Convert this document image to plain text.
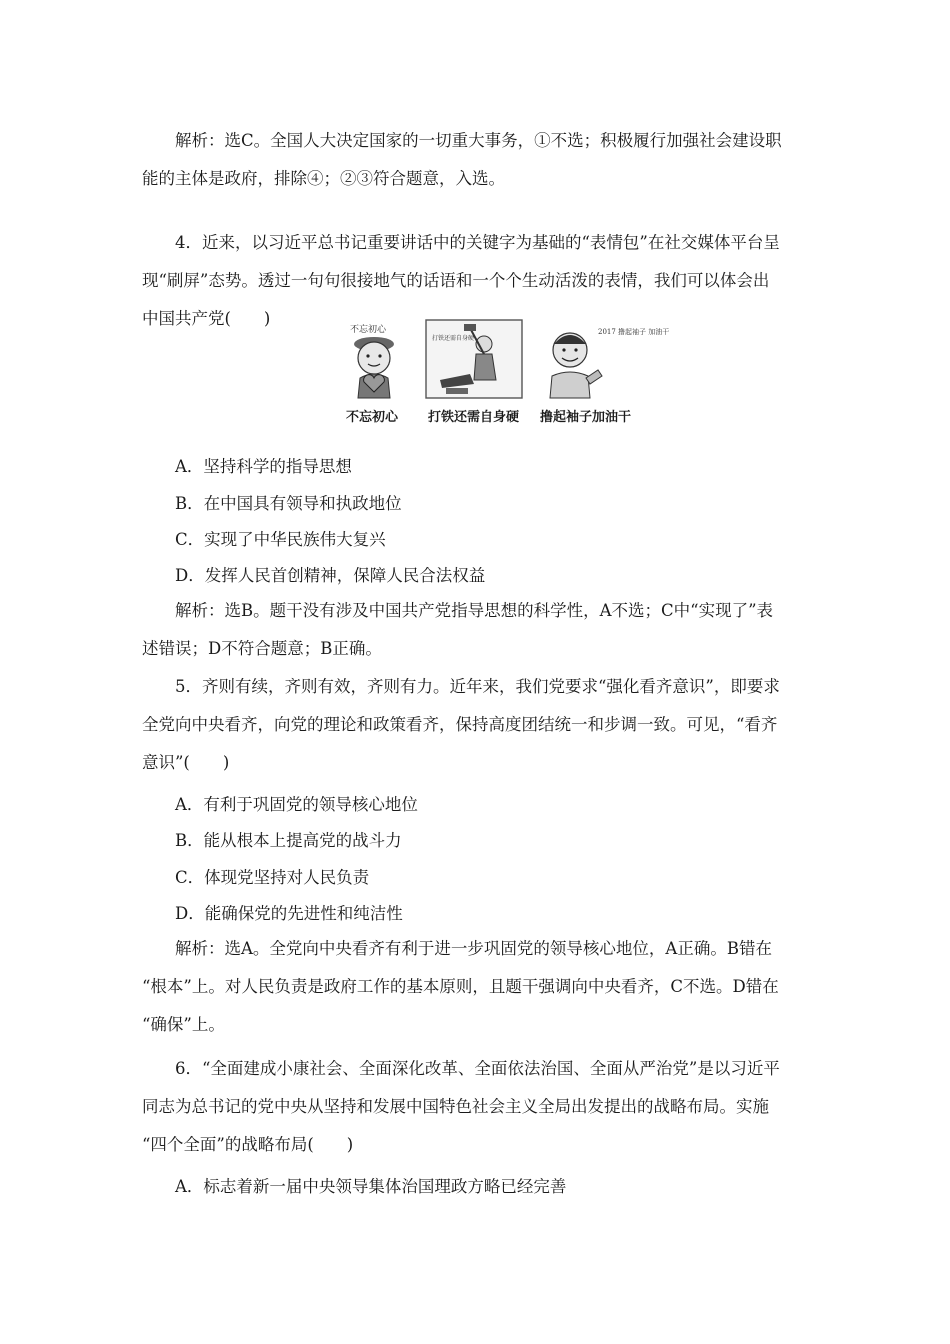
解析：选C。全国人大决定国家的一切重大事务，①不选；积极履行加强社会建设职
能的主体是政府，排除④；②③符合题意，入选。
4．近来，以习近平总书记重要讲话中的关键字为基础的“表情包”在社交媒体平台呈
现“刷屏”态势。透过一句句很接地气的话语和一个个生动活泼的表情，我们可以体会出
中国共产党(　　)
不忘初心
不忘初心
打铁还需自身硬
打铁还需自身硬
2017 撸起袖子 加油干
撸起袖子加油干
A．坚持科学的指导思想
B．在中国具有领导和执政地位
C．实现了中华民族伟大复兴
D．发挥人民首创精神，保障人民合法权益
解析：选B。题干没有涉及中国共产党指导思想的科学性，A不选；C中“实现了”表
述错误；D不符合题意；B正确。
5．齐则有续，齐则有效，齐则有力。近年来，我们党要求“强化看齐意识”，即要求
全党向中央看齐，向党的理论和政策看齐，保持高度团结统一和步调一致。可见，“看齐
意识”(　　)
A．有利于巩固党的领导核心地位
B．能从根本上提高党的战斗力
C．体现党坚持对人民负责
D．能确保党的先进性和纯洁性
解析：选A。全党向中央看齐有利于进一步巩固党的领导核心地位，A正确。B错在
“根本”上。对人民负责是政府工作的基本原则，且题干强调向中央看齐，C不选。D错在
“确保”上。
6．“全面建成小康社会、全面深化改革、全面依法治国、全面从严治党”是以习近平
同志为总书记的党中央从坚持和发展中国特色社会主义全局出发提出的战略布局。实施
“四个全面”的战略布局(　　)
A．标志着新一届中央领导集体治国理政方略已经完善
